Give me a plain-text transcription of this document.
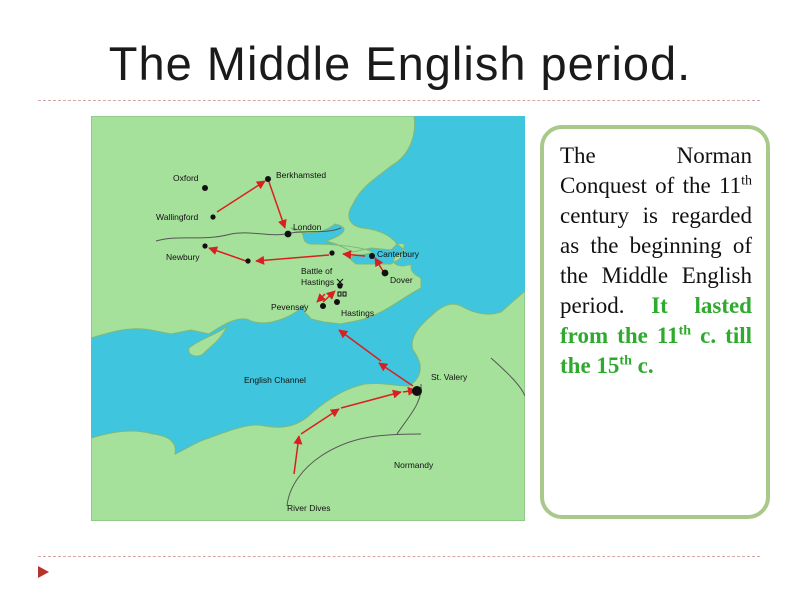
The Middle English period.
Oxford	Berkhamsted
Wallingford
London
Newbury	Canterbury
Battle of
Hastings	Dover
Pevensey
Hastings
English Channel	St. Valery
Normandy
River Dives

The Norman Conquest of the 11th century is regarded as the beginning of the Middle English period. It lasted from the 11th c. till the 15th c.
